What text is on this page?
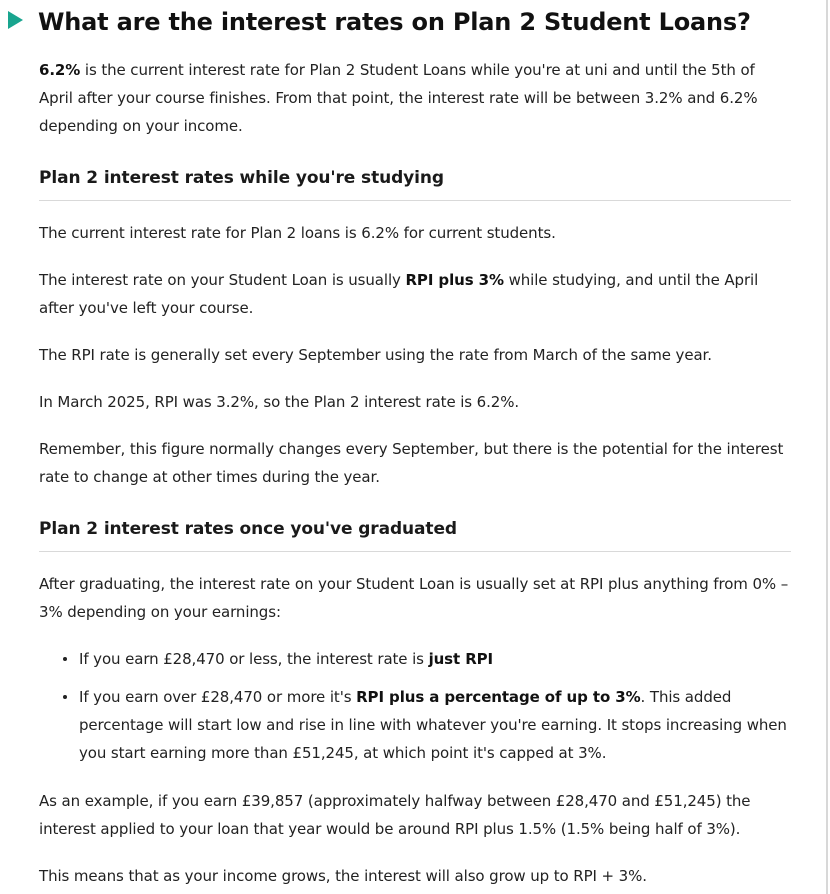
What are the interest rates on Plan 2 Student Loans?

6.2% is the current interest rate for Plan 2 Student Loans while you're at uni and until the 5th of April after your course finishes. From that point, the interest rate will be between 3.2% and 6.2% depending on your income.

Plan 2 interest rates while you're studying

The current interest rate for Plan 2 loans is 6.2% for current students.

The interest rate on your Student Loan is usually RPI plus 3% while studying, and until the April after you've left your course.

The RPI rate is generally set every September using the rate from March of the same year.

In March 2025, RPI was 3.2%, so the Plan 2 interest rate is 6.2%.

Remember, this figure normally changes every September, but there is the potential for the interest rate to change at other times during the year.

Plan 2 interest rates once you've graduated

After graduating, the interest rate on your Student Loan is usually set at RPI plus anything from 0% – 3% depending on your earnings:

If you earn £28,470 or less, the interest rate is just RPI
If you earn over £28,470 or more it's RPI plus a percentage of up to 3%. This added percentage will start low and rise in line with whatever you're earning. It stops increasing when you start earning more than £51,245, at which point it's capped at 3%.

As an example, if you earn £39,857 (approximately halfway between £28,470 and £51,245) the interest applied to your loan that year would be around RPI plus 1.5% (1.5% being half of 3%).

This means that as your income grows, the interest will also grow up to RPI + 3%.
